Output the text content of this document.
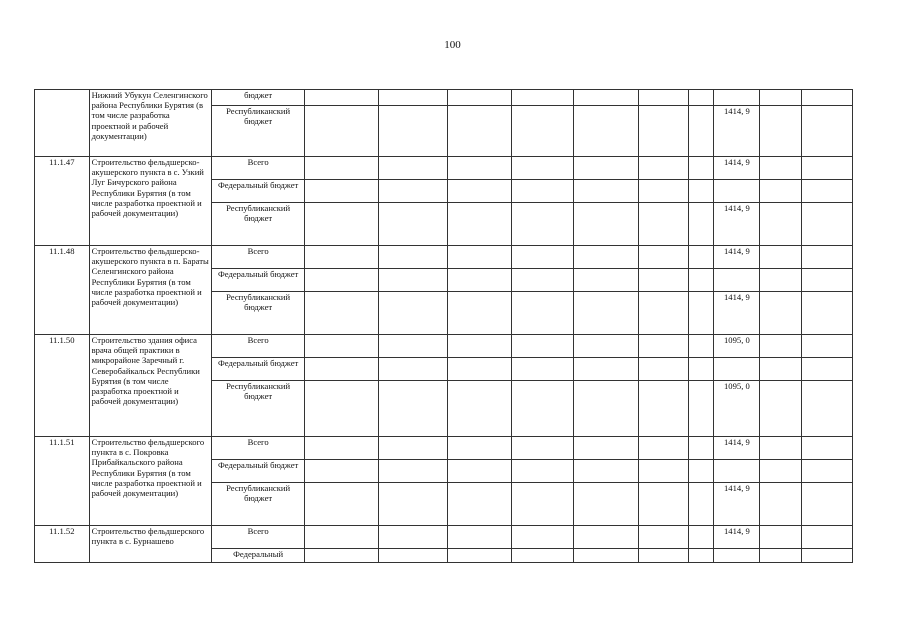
100
	Нижний Убукун Селенгинского района Республики Бурятия (в том числе разработка проектной и рабочей документации)	бюджет										
		Республиканский бюджет								1414, 9		
11.1.47	Строительство фельдшерско-акушерского пункта в с. Узкий Луг Бичурского района Республики Бурятия (в том числе разработка проектной и рабочей документации)	Всего								1414, 9		
		Федеральный бюджет										
		Республиканский бюджет								1414, 9		
11.1.48	Строительство фельдшерско-акушерского пункта в п. Бараты Селенгинского района Республики Бурятия (в том числе разработка проектной и рабочей документации)	Всего								1414, 9		
		Федеральный бюджет										
		Республиканский бюджет								1414, 9		
11.1.50	Строительство здания офиса врача общей практики в микрорайоне Заречный г. Северобайкальск Республики Бурятия (в том числе разработка проектной и рабочей документации)	Всего								1095, 0		
		Федеральный бюджет										
		Республиканский бюджет								1095, 0		
11.1.51	Строительство фельдшерского пункта в с. Покровка Прибайкальского района Республики Бурятия (в том числе разработка проектной и рабочей документации)	Всего								1414, 9		
		Федеральный бюджет										
		Республиканский бюджет								1414, 9		
11.1.52	Строительство фельдшерского пункта в с. Бурнашево	Всего								1414, 9		
		Федеральный										
